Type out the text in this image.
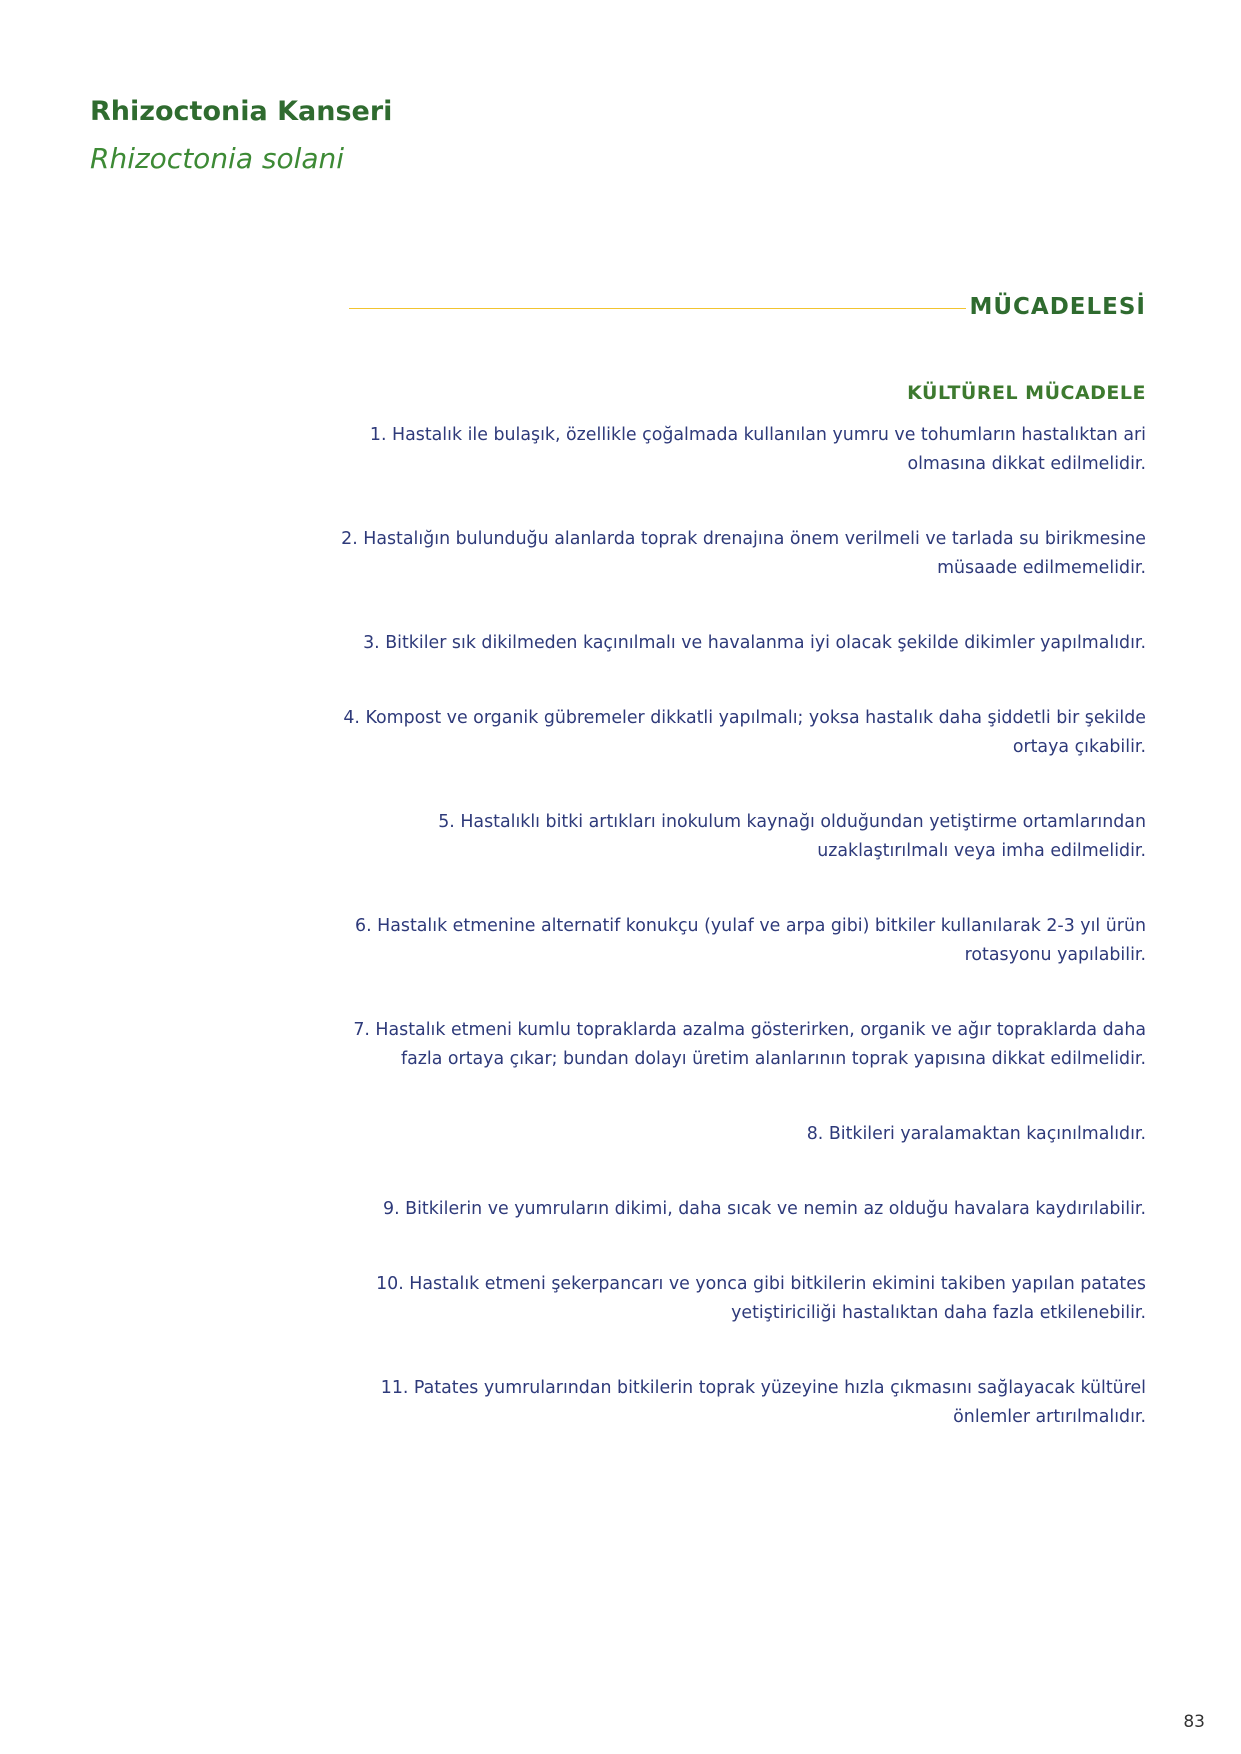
Rhizoctonia Kanseri
Rhizoctonia solani
MÜCADELESİ
KÜLTÜREL MÜCADELE
1. Hastalık ile bulaşık, özellikle çoğalmada kullanılan yumru ve tohumların hastalıktan ari olmasına dikkat edilmelidir.
2. Hastalığın bulunduğu alanlarda toprak drenajına önem verilmeli ve tarlada su birikmesine müsaade edilmemelidir.
3. Bitkiler sık dikilmeden kaçınılmalı ve havalanma iyi olacak şekilde dikimler yapılmalıdır.
4. Kompost ve organik gübremeler dikkatli yapılmalı; yoksa hastalık daha şiddetli bir şekilde ortaya çıkabilir.
5. Hastalıklı bitki artıkları inokulum kaynağı olduğundan yetiştirme ortamlarından uzaklaştırılmalı veya imha edilmelidir.
6. Hastalık etmenine alternatif konukçu (yulaf ve arpa gibi) bitkiler kullanılarak 2-3 yıl ürün rotasyonu yapılabilir.
7. Hastalık etmeni kumlu topraklarda azalma gösterirken, organik ve ağır topraklarda daha fazla ortaya çıkar; bundan dolayı üretim alanlarının toprak yapısına dikkat edilmelidir.
8. Bitkileri yaralamaktan kaçınılmalıdır.
9. Bitkilerin ve yumruların dikimi, daha sıcak ve nemin az olduğu havalara kaydırılabilir.
10. Hastalık etmeni şekerpancarı ve yonca gibi bitkilerin ekimini takiben yapılan patates yetiştiriciliği hastalıktan daha fazla etkilenebilir.
11. Patates yumrularından bitkilerin toprak yüzeyine hızla çıkmasını sağlayacak kültürel önlemler artırılmalıdır.

83
